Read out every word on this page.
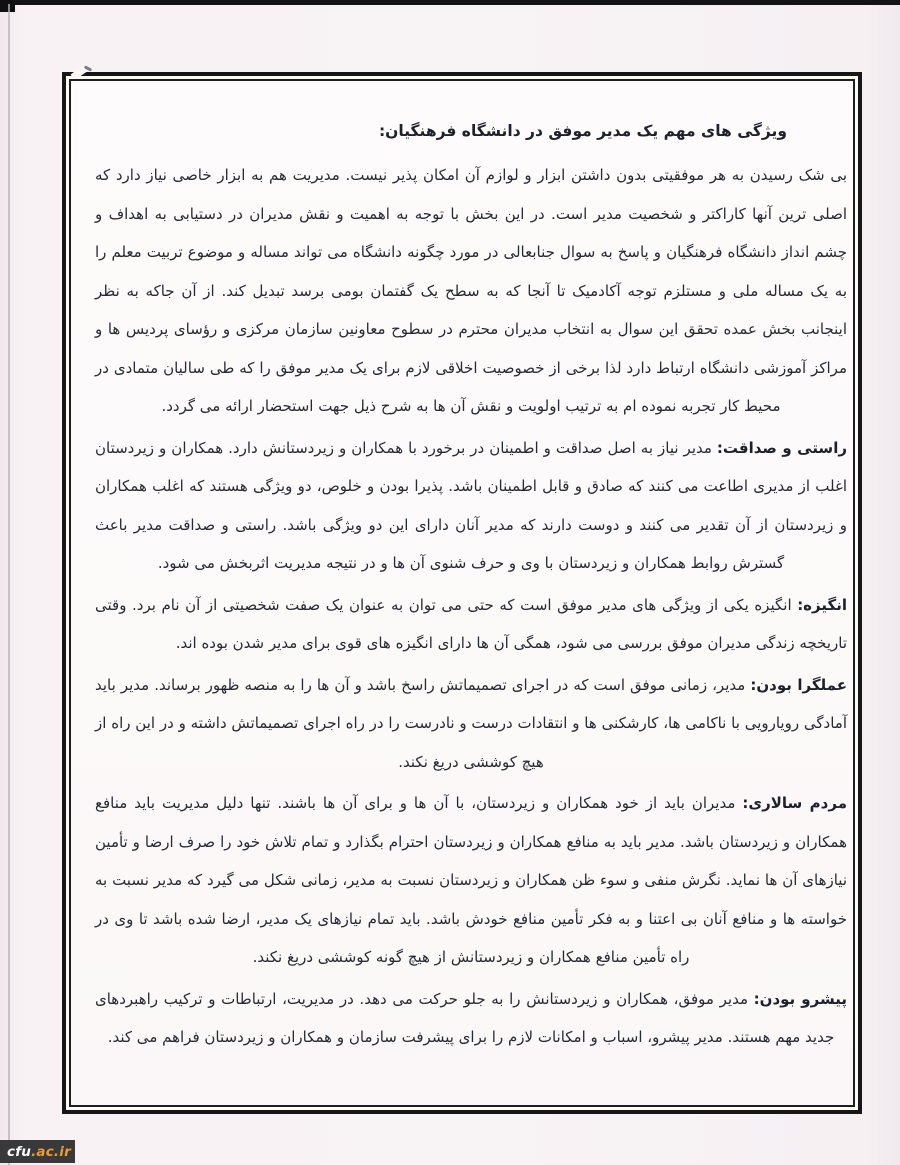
ویژگی های مهم یک مدیر موفق در دانشگاه فرهنگیان:

بی شک رسیدن به هر موفقیتی بدون داشتن ابزار و لوازم آن امکان پذیر نیست. مدیریت هم به ابزار خاصی نیاز دارد که اصلی ترین آنها کاراکتر و شخصیت مدیر است. در این بخش با توجه به اهمیت و نقش مدیران در دستیابی به اهداف و چشم انداز دانشگاه فرهنگیان و پاسخ به سوال جنابعالی در مورد چگونه دانشگاه می تواند مساله و موضوع تربیت معلم را به یک مساله ملی و مستلزم توجه آکادمیک تا آنجا که به سطح یک گفتمان بومی برسد تبدیل کند. از آن جاکه به نظر اینجانب بخش عمده تحقق این سوال به انتخاب مدیران محترم در سطوح معاونین سازمان مرکزی و رؤسای پردیس ها و مراکز آموزشی دانشگاه ارتباط دارد لذا برخی از خصوصیت اخلاقی لازم برای یک مدیر موفق را که طی سالیان متمادی در محیط کار تجربه نموده ام به ترتیب اولویت و نقش آن ها به شرح ذیل جهت استحضار ارائه می گردد.

راستی و صداقت: مدیر نیاز به اصل صداقت و اطمینان در برخورد با همکاران و زیردستانش دارد. همکاران و زیردستان اغلب از مدیری اطاعت می کنند که صادق و قابل اطمینان باشد. پذیرا بودن و خلوص، دو ویژگی هستند که اغلب همکاران و زیردستان از آن تقدیر می کنند و دوست دارند که مدیر آنان دارای این دو ویژگی باشد. راستی و صداقت مدیر باعث گسترش روابط همکاران و زیردستان با وی و حرف شنوی آن ها و در نتیجه مدیریت اثربخش می شود.

انگیزه: انگیزه یکی از ویژگی های مدیر موفق است که حتی می توان به عنوان یک صفت شخصیتی از آن نام برد. وقتی تاریخچه زندگی مدیران موفق بررسی می شود، همگی آن ها دارای انگیزه های قوی برای مدیر شدن بوده اند.

عملگرا بودن: مدیر، زمانی موفق است که در اجرای تصمیماتش راسخ باشد و آن ها را به منصه ظهور برساند. مدیر باید آمادگی رویارویی با ناکامی ها، کارشکنی ها و انتقادات درست و نادرست را در راه اجرای تصمیماتش داشته و در این راه از هیچ کوششی دریغ نکند.

مردم سالاری: مدیران باید از خود همکاران و زیردستان، با آن ها و برای آن ها باشند. تنها دلیل مدیریت باید منافع همکاران و زیردستان باشد. مدیر باید به منافع همکاران و زیردستان احترام بگذارد و تمام تلاش خود را صرف ارضا و تأمین نیازهای آن ها نماید. نگرش منفی و سوء ظن همکاران و زیردستان نسبت به مدیر، زمانی شکل می گیرد که مدیر نسبت به خواسته ها و منافع آنان بی اعتنا و به فکر تأمین منافع خودش باشد. باید تمام نیازهای یک مدیر، ارضا شده باشد تا وی در راه تأمین منافع همکاران و زیردستانش از هیچ گونه کوششی دریغ نکند.

پیشرو بودن: مدیر موفق، همکاران و زیردستانش را به جلو حرکت می دهد. در مدیریت، ارتباطات و ترکیب راهبردهای جدید مهم هستند. مدیر پیشرو، اسباب و امکانات لازم را برای پیشرفت سازمان و همکاران و زیردستان فراهم می کند.

cfu .ac.ir
